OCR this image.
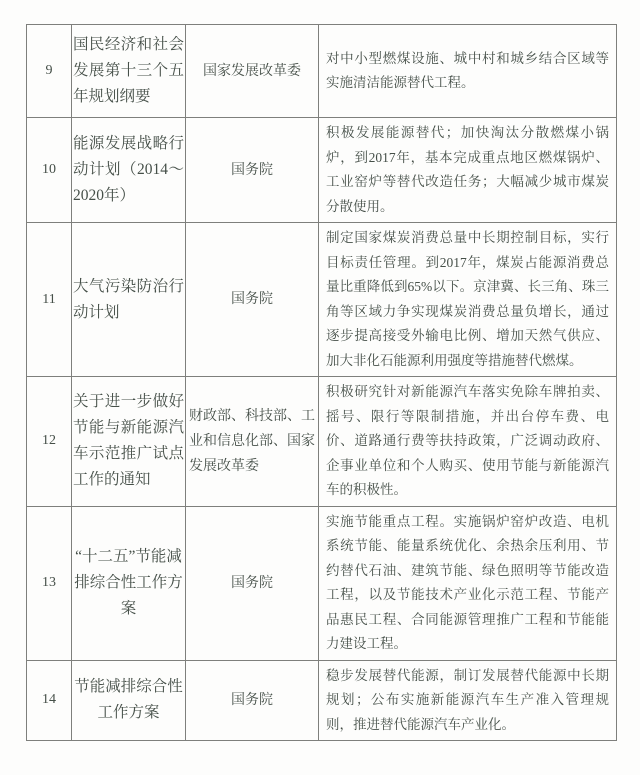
9	国民经济和社会发展第十三个五年规划纲要	国家发展改革委	对中小型燃煤设施、城中村和城乡结合区域等实施清洁能源替代工程。
10	能源发展战略行动计划（2014～2020年）	国务院	积极发展能源替代；加快淘汰分散燃煤小锅炉，到2017年，基本完成重点地区燃煤锅炉、工业窑炉等替代改造任务；大幅减少城市煤炭分散使用。
11	大气污染防治行动计划	国务院	制定国家煤炭消费总量中长期控制目标，实行目标责任管理。到2017年，煤炭占能源消费总量比重降低到65%以下。京津冀、长三角、珠三角等区域力争实现煤炭消费总量负增长，通过逐步提高接受外输电比例、增加天然气供应、加大非化石能源利用强度等措施替代燃煤。
12	关于进一步做好节能与新能源汽车示范推广试点工作的通知	财政部、科技部、工业和信息化部、国家发展改革委	积极研究针对新能源汽车落实免除车牌拍卖、摇号、限行等限制措施，并出台停车费、电价、道路通行费等扶持政策，广泛调动政府、企事业单位和个人购买、使用节能与新能源汽车的积极性。
13	“十二五”节能减排综合性工作方案	国务院	实施节能重点工程。实施锅炉窑炉改造、电机系统节能、能量系统优化、余热余压利用、节约替代石油、建筑节能、绿色照明等节能改造工程，以及节能技术产业化示范工程、节能产品惠民工程、合同能源管理推广工程和节能能力建设工程。
14	节能减排综合性工作方案	国务院	稳步发展替代能源，制订发展替代能源中长期规划；公布实施新能源汽车生产准入管理规则，推进替代能源汽车产业化。
